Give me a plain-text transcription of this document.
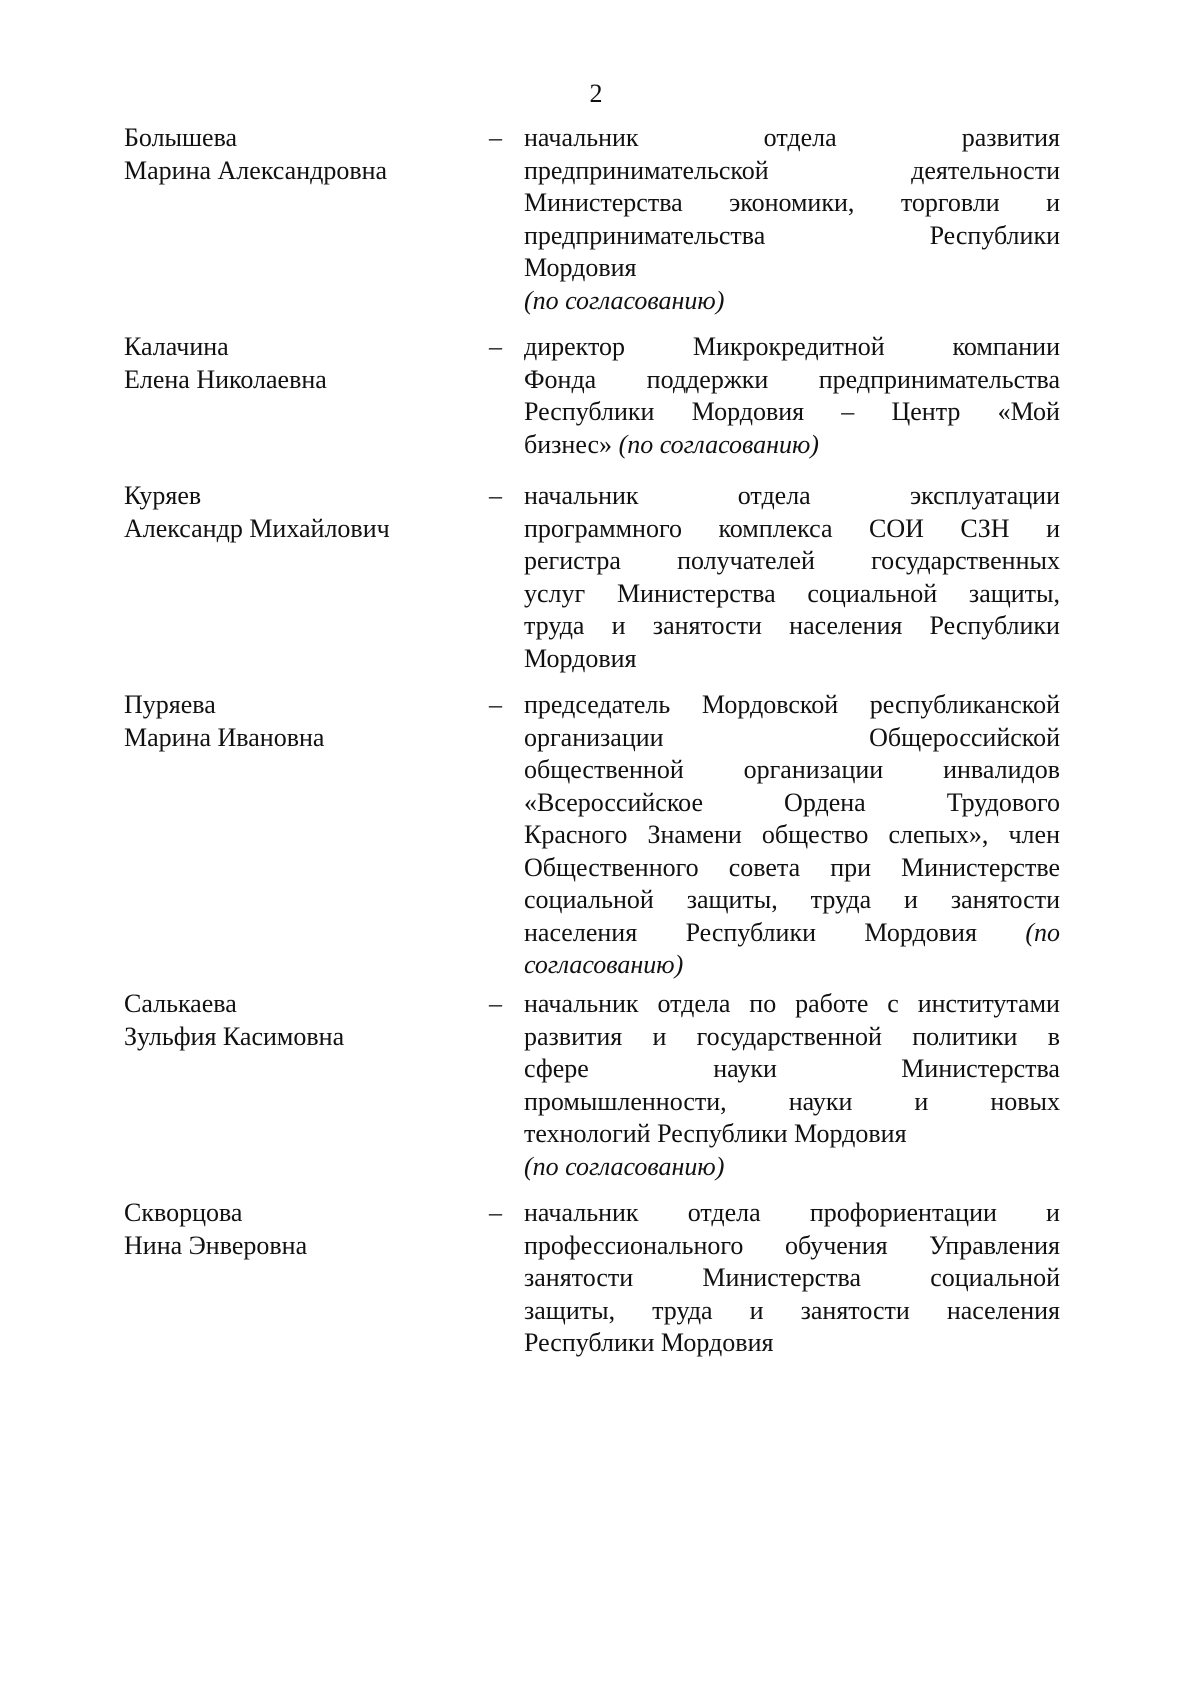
2
Болышева
Марина Александровна
– начальник	отдела	развития
предпринимательской	деятельности
Министерства экономики, торговли и
предпринимательства	Республики
Мордовия
(по согласованию)
Калачина
Елена Николаевна
– директор	Микрокредитной	компании
Фонда поддержки предпринимательства
Республики Мордовия – Центр «Мой
бизнес» (по согласованию)
Куряев
Александр Михайлович
– начальник	отдела	эксплуатации
программного комплекса СОИ СЗН и
регистра получателей государственных
услуг Министерства социальной защиты,
труда и занятости населения Республики
Мордовия
Пуряева
Марина Ивановна
– председатель Мордовской республиканской
организации	Общероссийской
общественной организации инвалидов
«Всероссийское	Ордена	Трудового
Красного Знамени общество слепых», член
Общественного совета при Министерстве
социальной защиты, труда и занятости
населения Республики Мордовия (по
согласованию)
Салькаева
Зульфия Касимовна
– начальник отдела по работе с институтами
развития и государственной политики в
сфере	науки	Министерства
промышленности, науки и новых
технологий Республики Мордовия
(по согласованию)
Скворцова
Нина Энверовна
– начальник отдела профориентации и
профессионального обучения Управления
занятости	Министерства	социальной
защиты, труда и занятости населения
Республики Мордовия
